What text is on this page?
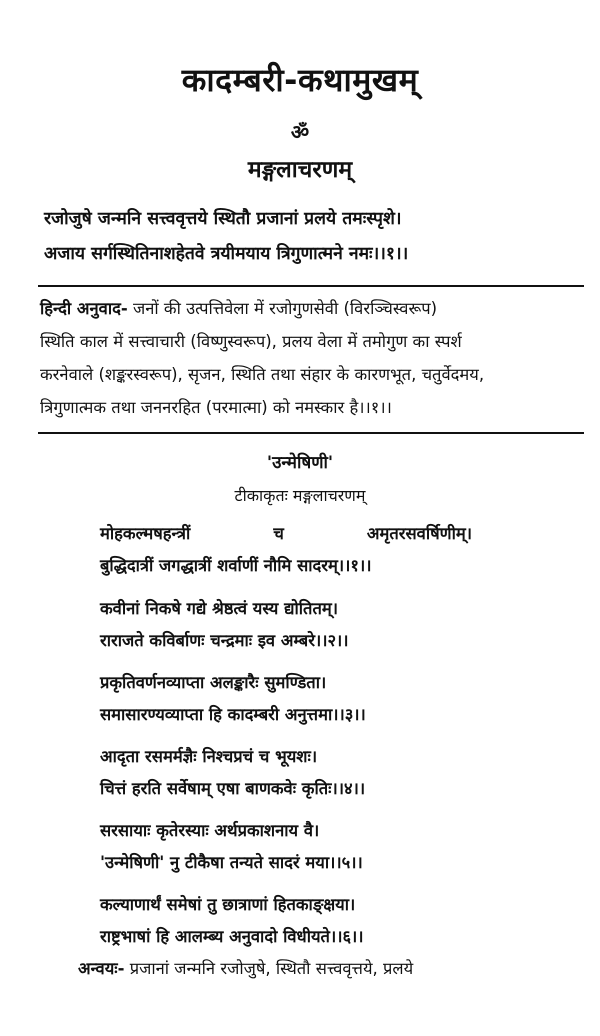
कादम्बरी-कथामुखम्
ॐ
मङ्गलाचरणम्
रजोजुषे जन्मनि सत्त्ववृत्तये स्थितौ प्रजानां प्रलये तमःस्पृशे।
अजाय सर्गस्थितिनाशहेतवे त्रयीमयाय त्रिगुणात्मने नमः।।१।।
हिन्दी अनुवाद- जनों की उत्पत्तिवेला में रजोगुणसेवी (विरञ्चिस्वरूप)
स्थिति काल में सत्त्वाचारी (विष्णुस्वरूप), प्रलय वेला में तमोगुण का स्पर्श
करनेवाले (शङ्करस्वरूप), सृजन, स्थिति तथा संहार के कारणभूत, चतुर्वेदमय,
त्रिगुणात्मक तथा जननरहित (परमात्मा) को नमस्कार है।।१।।
'उन्मेषिणी'
टीकाकृतः मङ्गलाचरणम्
मोहकल्मषहन्त्रीं	च	अमृतरसवर्षिणीम्।
बुद्धिदात्रीं जगद्धात्रीं शर्वाणीं नौमि सादरम्।।१।।
कवीनां निकषे गद्ये श्रेष्ठत्वं यस्य द्योतितम्।
राराजते कविर्बाणः चन्द्रमाः इव अम्बरे।।२।।
प्रकृतिवर्णनव्याप्ता अलङ्कारैः सुमण्डिता।
समासारण्यव्याप्ता हि कादम्बरी अनुत्तमा।।३।।
आदृता रसमर्मज्ञैः निश्चप्रचं च भूयशः।
चित्तं हरति सर्वेषाम् एषा बाणकवेः कृतिः।।४।।
सरसायाः कृतेरस्याः अर्थप्रकाशनाय वै।
'उन्मेषिणी' नु टीकैषा तन्यते सादरं मया।।५।।
कल्याणार्थं समेषां तु छात्राणां हितकाङ्क्षया।
राष्ट्रभाषां हि आलम्ब्य अनुवादो विधीयते।।६।।
अन्वयः- प्रजानां जन्मनि रजोजुषे, स्थितौ सत्त्ववृत्तये, प्रलये
